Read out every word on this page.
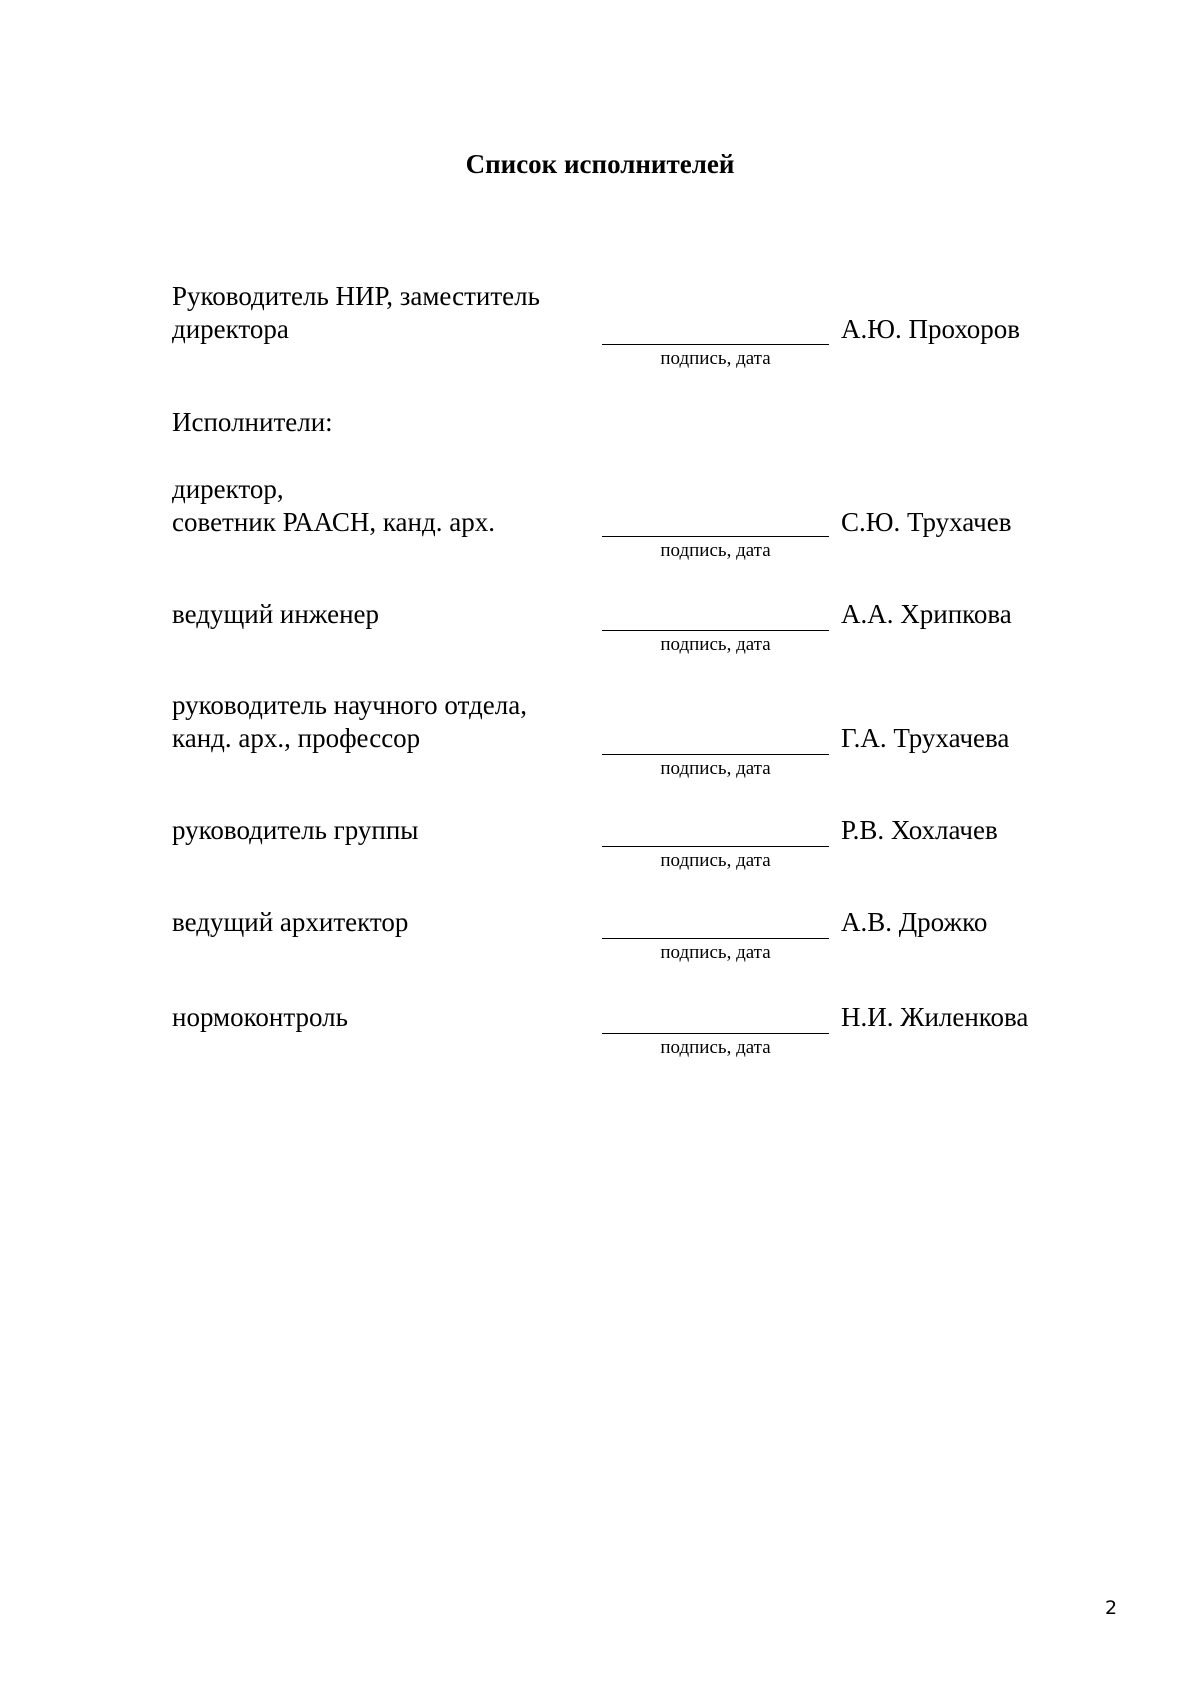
Список исполнителей
Руководитель НИР, заместитель
директора
подпись, дата
А.Ю. Прохоров
Исполнители:
директор,
советник РААСН, канд. арх.
подпись, дата
С.Ю. Трухачев
ведущий инженер
подпись, дата
А.А. Хрипкова
руководитель научного отдела,
канд. арх., профессор
подпись, дата
Г.А. Трухачева
руководитель группы
подпись, дата
Р.В. Хохлачев
ведущий архитектор
подпись, дата
А.В. Дрожко
нормоконтроль
подпись, дата
Н.И. Жиленкова
2
